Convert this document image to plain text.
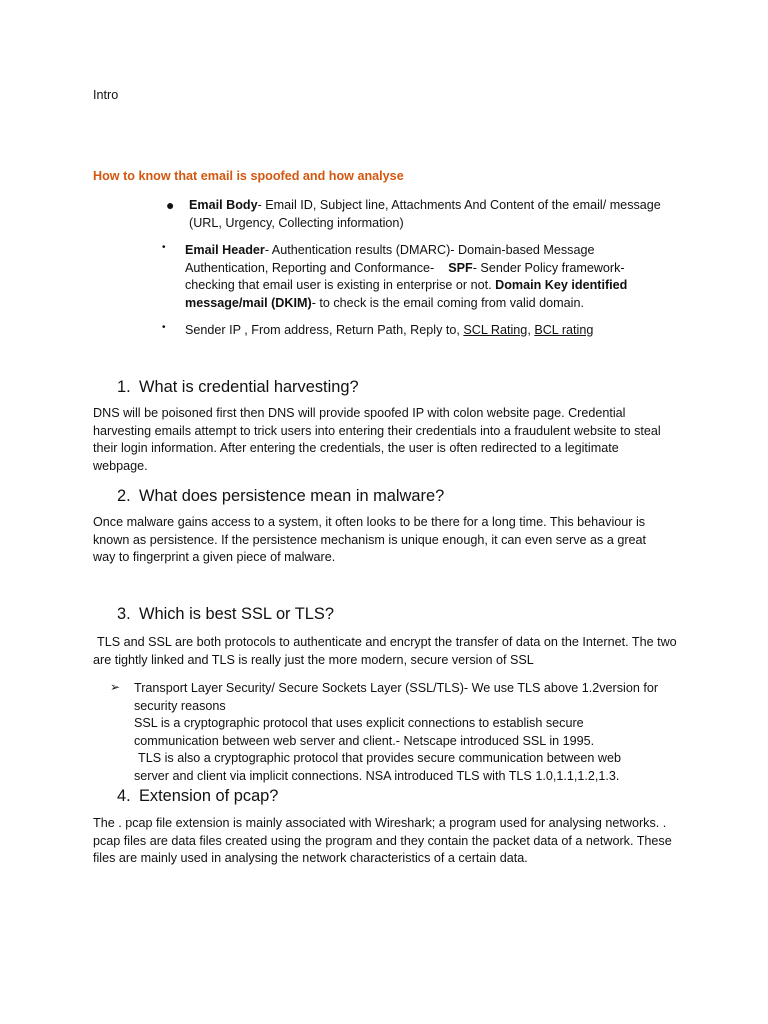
Intro
How to know that email is spoofed and how analyse
● Email Body- Email ID, Subject line, Attachments And Content of the email/ message (URL, Urgency, Collecting information)
• Email Header- Authentication results (DMARC)- Domain-based Message Authentication, Reporting and Conformance- SPF- Sender Policy framework- checking that email user is existing in enterprise or not. Domain Key identified message/mail (DKIM)- to check is the email coming from valid domain.
• Sender IP , From address, Return Path, Reply to, SCL Rating, BCL rating
1. What is credential harvesting?
DNS will be poisoned first then DNS will provide spoofed IP with colon website page. Credential harvesting emails attempt to trick users into entering their credentials into a fraudulent website to steal their login information. After entering the credentials, the user is often redirected to a legitimate webpage.
2. What does persistence mean in malware?
Once malware gains access to a system, it often looks to be there for a long time. This behaviour is known as persistence. If the persistence mechanism is unique enough, it can even serve as a great way to fingerprint a given piece of malware.
3. Which is best SSL or TLS?
TLS and SSL are both protocols to authenticate and encrypt the transfer of data on the Internet. The two are tightly linked and TLS is really just the more modern, secure version of SSL
➢ Transport Layer Security/ Secure Sockets Layer (SSL/TLS)- We use TLS above 1.2version for security reasons
SSL is a cryptographic protocol that uses explicit connections to establish secure communication between web server and client.- Netscape introduced SSL in 1995.
TLS is also a cryptographic protocol that provides secure communication between web server and client via implicit connections. NSA introduced TLS with TLS 1.0,1.1,1.2,1.3.
4. Extension of pcap?
The . pcap file extension is mainly associated with Wireshark; a program used for analysing networks. . pcap files are data files created using the program and they contain the packet data of a network. These files are mainly used in analysing the network characteristics of a certain data.
